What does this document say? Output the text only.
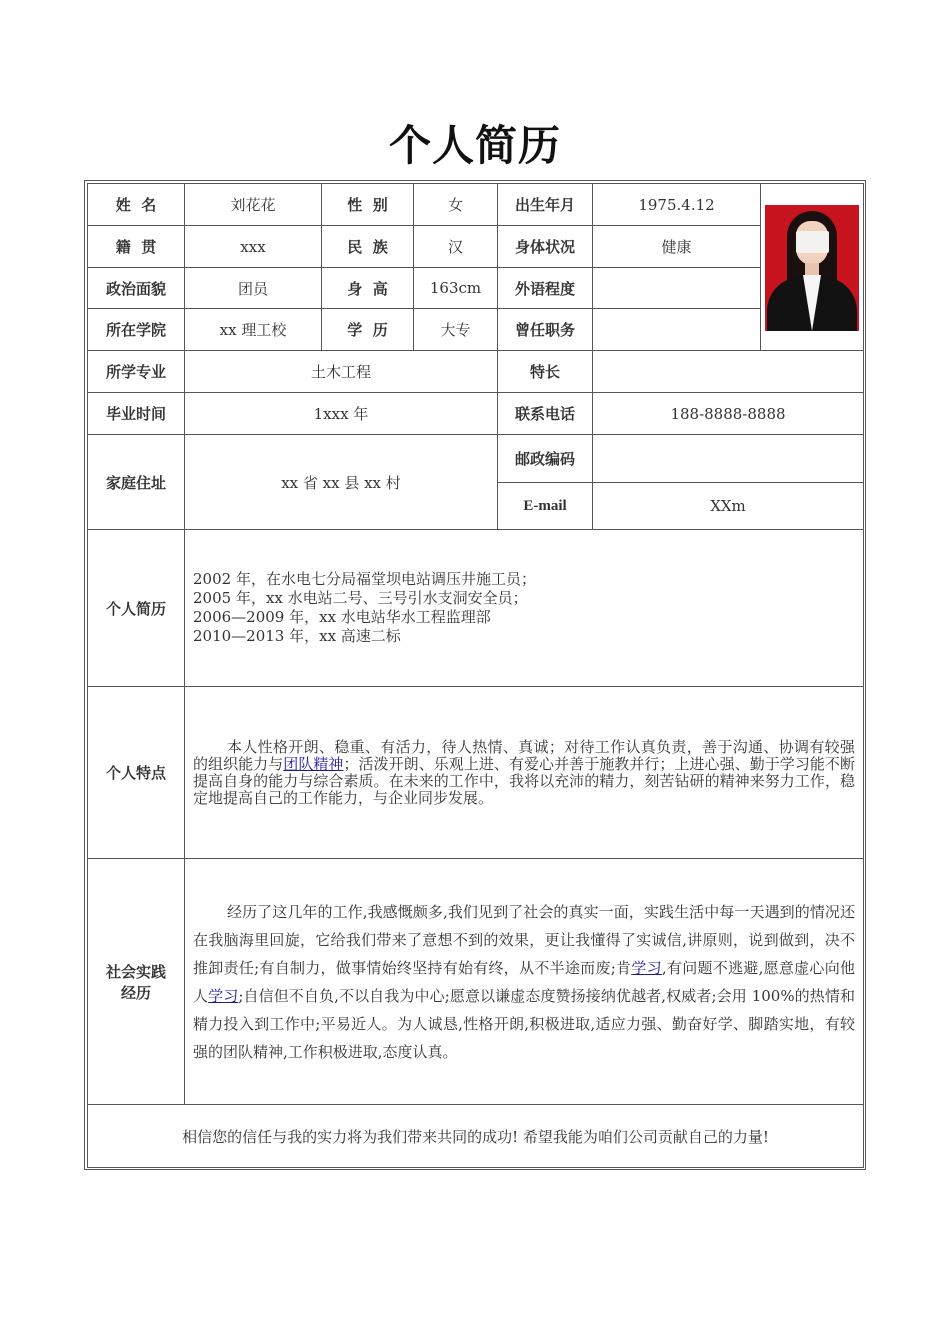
个人简历
姓  名	刘花花	性  别	女	出生年月	1975.4.12	

籍  贯	xxx	民  族	汉	身体状况	健康	
政治面貌	团员	身  高	163cm	外语程度		
所在学院	xx 理工校	学  历	大专	曾任职务		
所学专业	土木工程			特长		
毕业时间	1xxx 年			联系电话	188-8888-8888	
家庭住址	xx 省 xx 县 xx 村			邮政编码		
				E-mail	XXm	
个人简历	2002 年，在水电七分局福堂坝电站调压井施工员；
2005 年，xx 水电站二号、三号引水支洞安全员；
2006—2009 年，xx 水电站华水工程监理部
2010—2013 年，xx 高速二标					

个人特点	本人性格开朗、稳重、有活力，待人热情、真诚；对待工作认真负责，善于沟通、协调有较强的组织能力与团队精神；活泼开朗、乐观上进、有爱心并善于施教并行；上进心强、勤于学习能不断提高自身的能力与综合素质。在未来的工作中，我将以充沛的精力，刻苦钻研的精神来努力工作，稳定地提高自己的工作能力，与企业同步发展。					

社会实践
经历	经历了这几年的工作,我感慨颇多,我们见到了社会的真实一面，实践生活中每一天遇到的情况还在我脑海里回旋，它给我们带来了意想不到的效果，更让我懂得了实诚信,讲原则，说到做到，决不推卸责任;有自制力，做事情始终坚持有始有终，从不半途而废;肯学习,有问题不逃避,愿意虚心向他人学习;自信但不自负,不以自我为中心;愿意以谦虚态度赞扬接纳优越者,权威者;会用 100%的热情和精力投入到工作中;平易近人。为人诚恳,性格开朗,积极进取,适应力强、勤奋好学、脚踏实地，有较强的团队精神,工作积极进取,态度认真。					

相信您的信任与我的实力将为我们带来共同的成功! 希望我能为咱们公司贡献自己的力量!						
